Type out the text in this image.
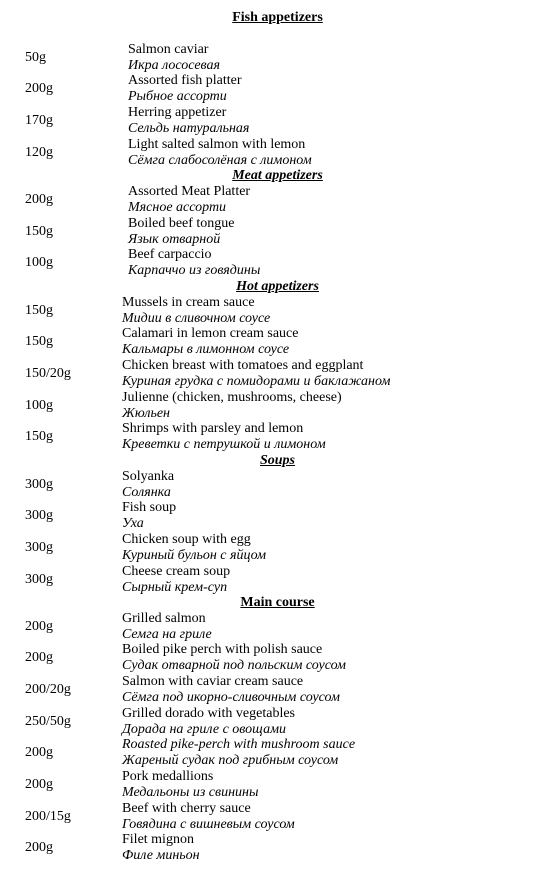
Fish appetizers
50g
Salmon caviar
Икра лососевая
200g
Assorted fish platter
Рыбное ассорти
170g
Herring appetizer
Сельдь натуральная
120g
Light salted salmon with lemon
Сёмга слабосолёная с лимоном
Meat appetizers
200g
Assorted Meat Platter
Мясное ассорти
150g
Boiled beef tongue
Язык отварной
100g
Beef carpaccio
Карпаччо из говядины
Hot appetizers
150g
Mussels in cream sauce
Мидии в сливочном соусе
150g
Calamari in lemon cream sauce
Кальмары в лимонном соусе
150/20g
Chicken breast with tomatoes and eggplant
Куриная грудка с помидорами и баклажаном
100g
Julienne (chicken, mushrooms, cheese)
Жюльен
150g
Shrimps with parsley and lemon
Креветки с петрушкой и лимоном
Soups
300g
Solyanka
Солянка
300g
Fish soup
Уха
300g
Chicken soup with egg
Куриный бульон с яйцом
300g
Cheese cream soup
Сырный крем-суп
Main course
200g
Grilled salmon
Семга на гриле
200g
Boiled pike perch with polish sauce
Судак отварной под польским соусом
200/20g
Salmon with caviar cream sauce
Сёмга под икорно-сливочным соусом
250/50g
Grilled dorado with vegetables
Дорада на гриле с овощами
200g
Roasted pike-perch with mushroom sauce
Жареный судак под грибным соусом
200g
Pork medallions
Медальоны из свинины
200/15g
Beef with cherry sauce
Говядина с вишневым соусом
200g
Filet mignon
Филе миньон
